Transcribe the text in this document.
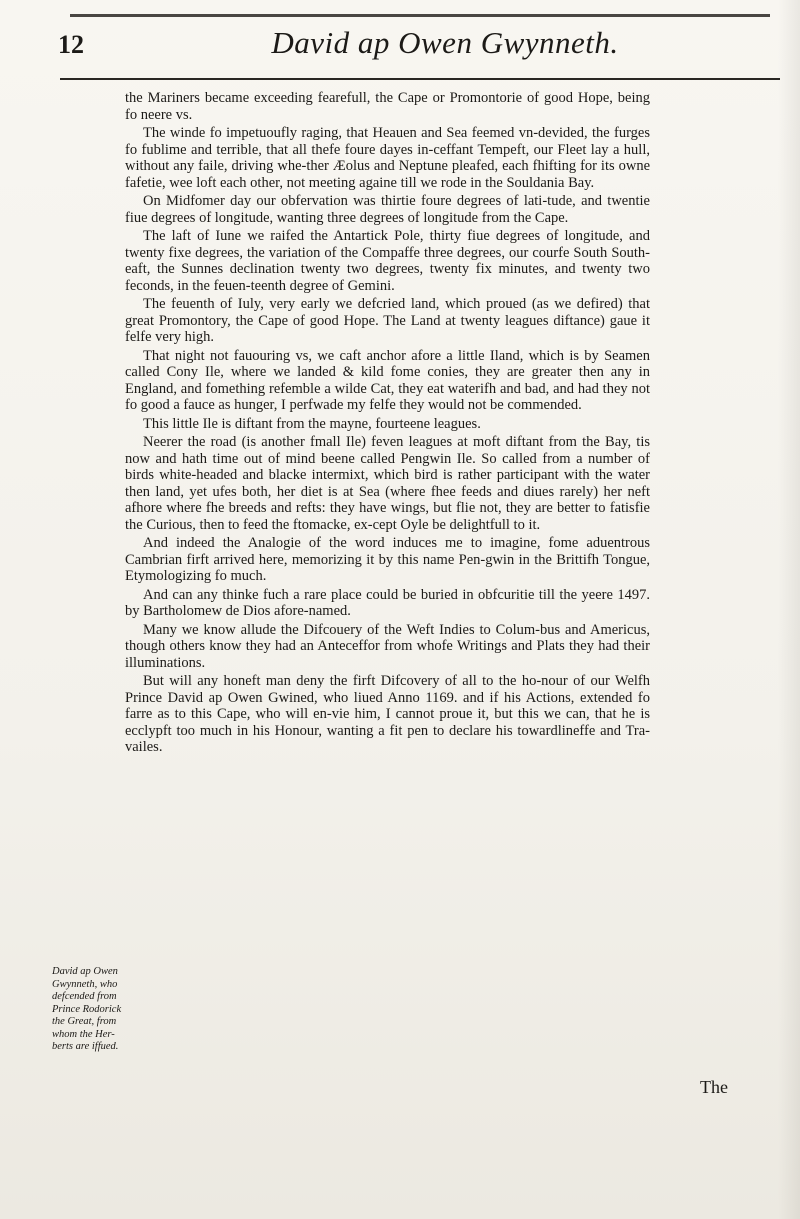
12	David ap Owen Gwynneth.

the Mariners became exceeding fearefull, the Cape or Promontorie of good Hope, being fo neere vs.

The winde fo impetuoufly raging, that Heauen and Sea feemed vn-devided, the furges fo fublime and terrible, that all thefe foure dayes in-ceffant Tempeft, our Fleet lay a hull, without any faile, driving whe-ther Æolus and Neptune pleafed, each fhifting for its owne fafetie, wee loft each other, not meeting againe till we rode in the Souldania Bay.

On Midfomer day our obfervation was thirtie foure degrees of lati-tude, and twentie fiue degrees of longitude, wanting three degrees of longitude from the Cape.

The laft of Iune we raifed the Antartick Pole, thirty fiue degrees of longitude, and twenty fixe degrees, the variation of the Compaffe three degrees, our courfe South South-eaft, the Sunnes declination twenty two degrees, twenty fix minutes, and twenty two feconds, in the feuen-teenth degree of Gemini.

The feuenth of Iuly, very early we defcried land, which proued (as we defired) that great Promontory, the Cape of good Hope. The Land at twenty leagues diftance) gaue it felfe very high.

That night not fauouring vs, we caft anchor afore a little Iland, which is by Seamen called Cony Ile, where we landed & kild fome conies, they are greater then any in England, and fomething refemble a wilde Cat, they eat waterifh and bad, and had they not fo good a fauce as hunger, I perfwade my felfe they would not be commended.

This little Ile is diftant from the mayne, fourteene leagues.

Neerer the road (is another fmall Ile) feven leagues at moft diftant from the Bay, tis now and hath time out of mind beene called Pengwin Ile. So called from a number of birds white-headed and blacke intermixt, which bird is rather participant with the water then land, yet ufes both, her diet is at Sea (where fhee feeds and diues rarely) her neft afhore where fhe breeds and refts: they have wings, but flie not, they are better to fatisfie the Curious, then to feed the ftomacke, ex-cept Oyle be delightfull to it.

And indeed the Analogie of the word induces me to imagine, fome aduentrous Cambrian firft arrived here, memorizing it by this name Pen-gwin in the Brittifh Tongue, Etymologizing fo much.

And can any thinke fuch a rare place could be buried in obfcuritie till the yeere 1497. by Bartholomew de Dios afore-named.

Many we know allude the Difcouery of the Weft Indies to Colum-bus and Americus, though others know they had an Anteceffor from whofe Writings and Plats they had their illuminations.

But will any honeft man deny the firft Difcovery of all to the ho-nour of our Welfh Prince David ap Owen Gwined, who liued Anno 1169. and if his Actions, extended fo farre as to this Cape, who will en-vie him, I cannot proue it, but this we can, that he is ecclypft too much in his Honour, wanting a fit pen to declare his towardlineffe and Tra-vailes.

David ap Owen Gwynneth, who defcended from Prince Rodorick the Great, from whom the Her-berts are iffued.
The
